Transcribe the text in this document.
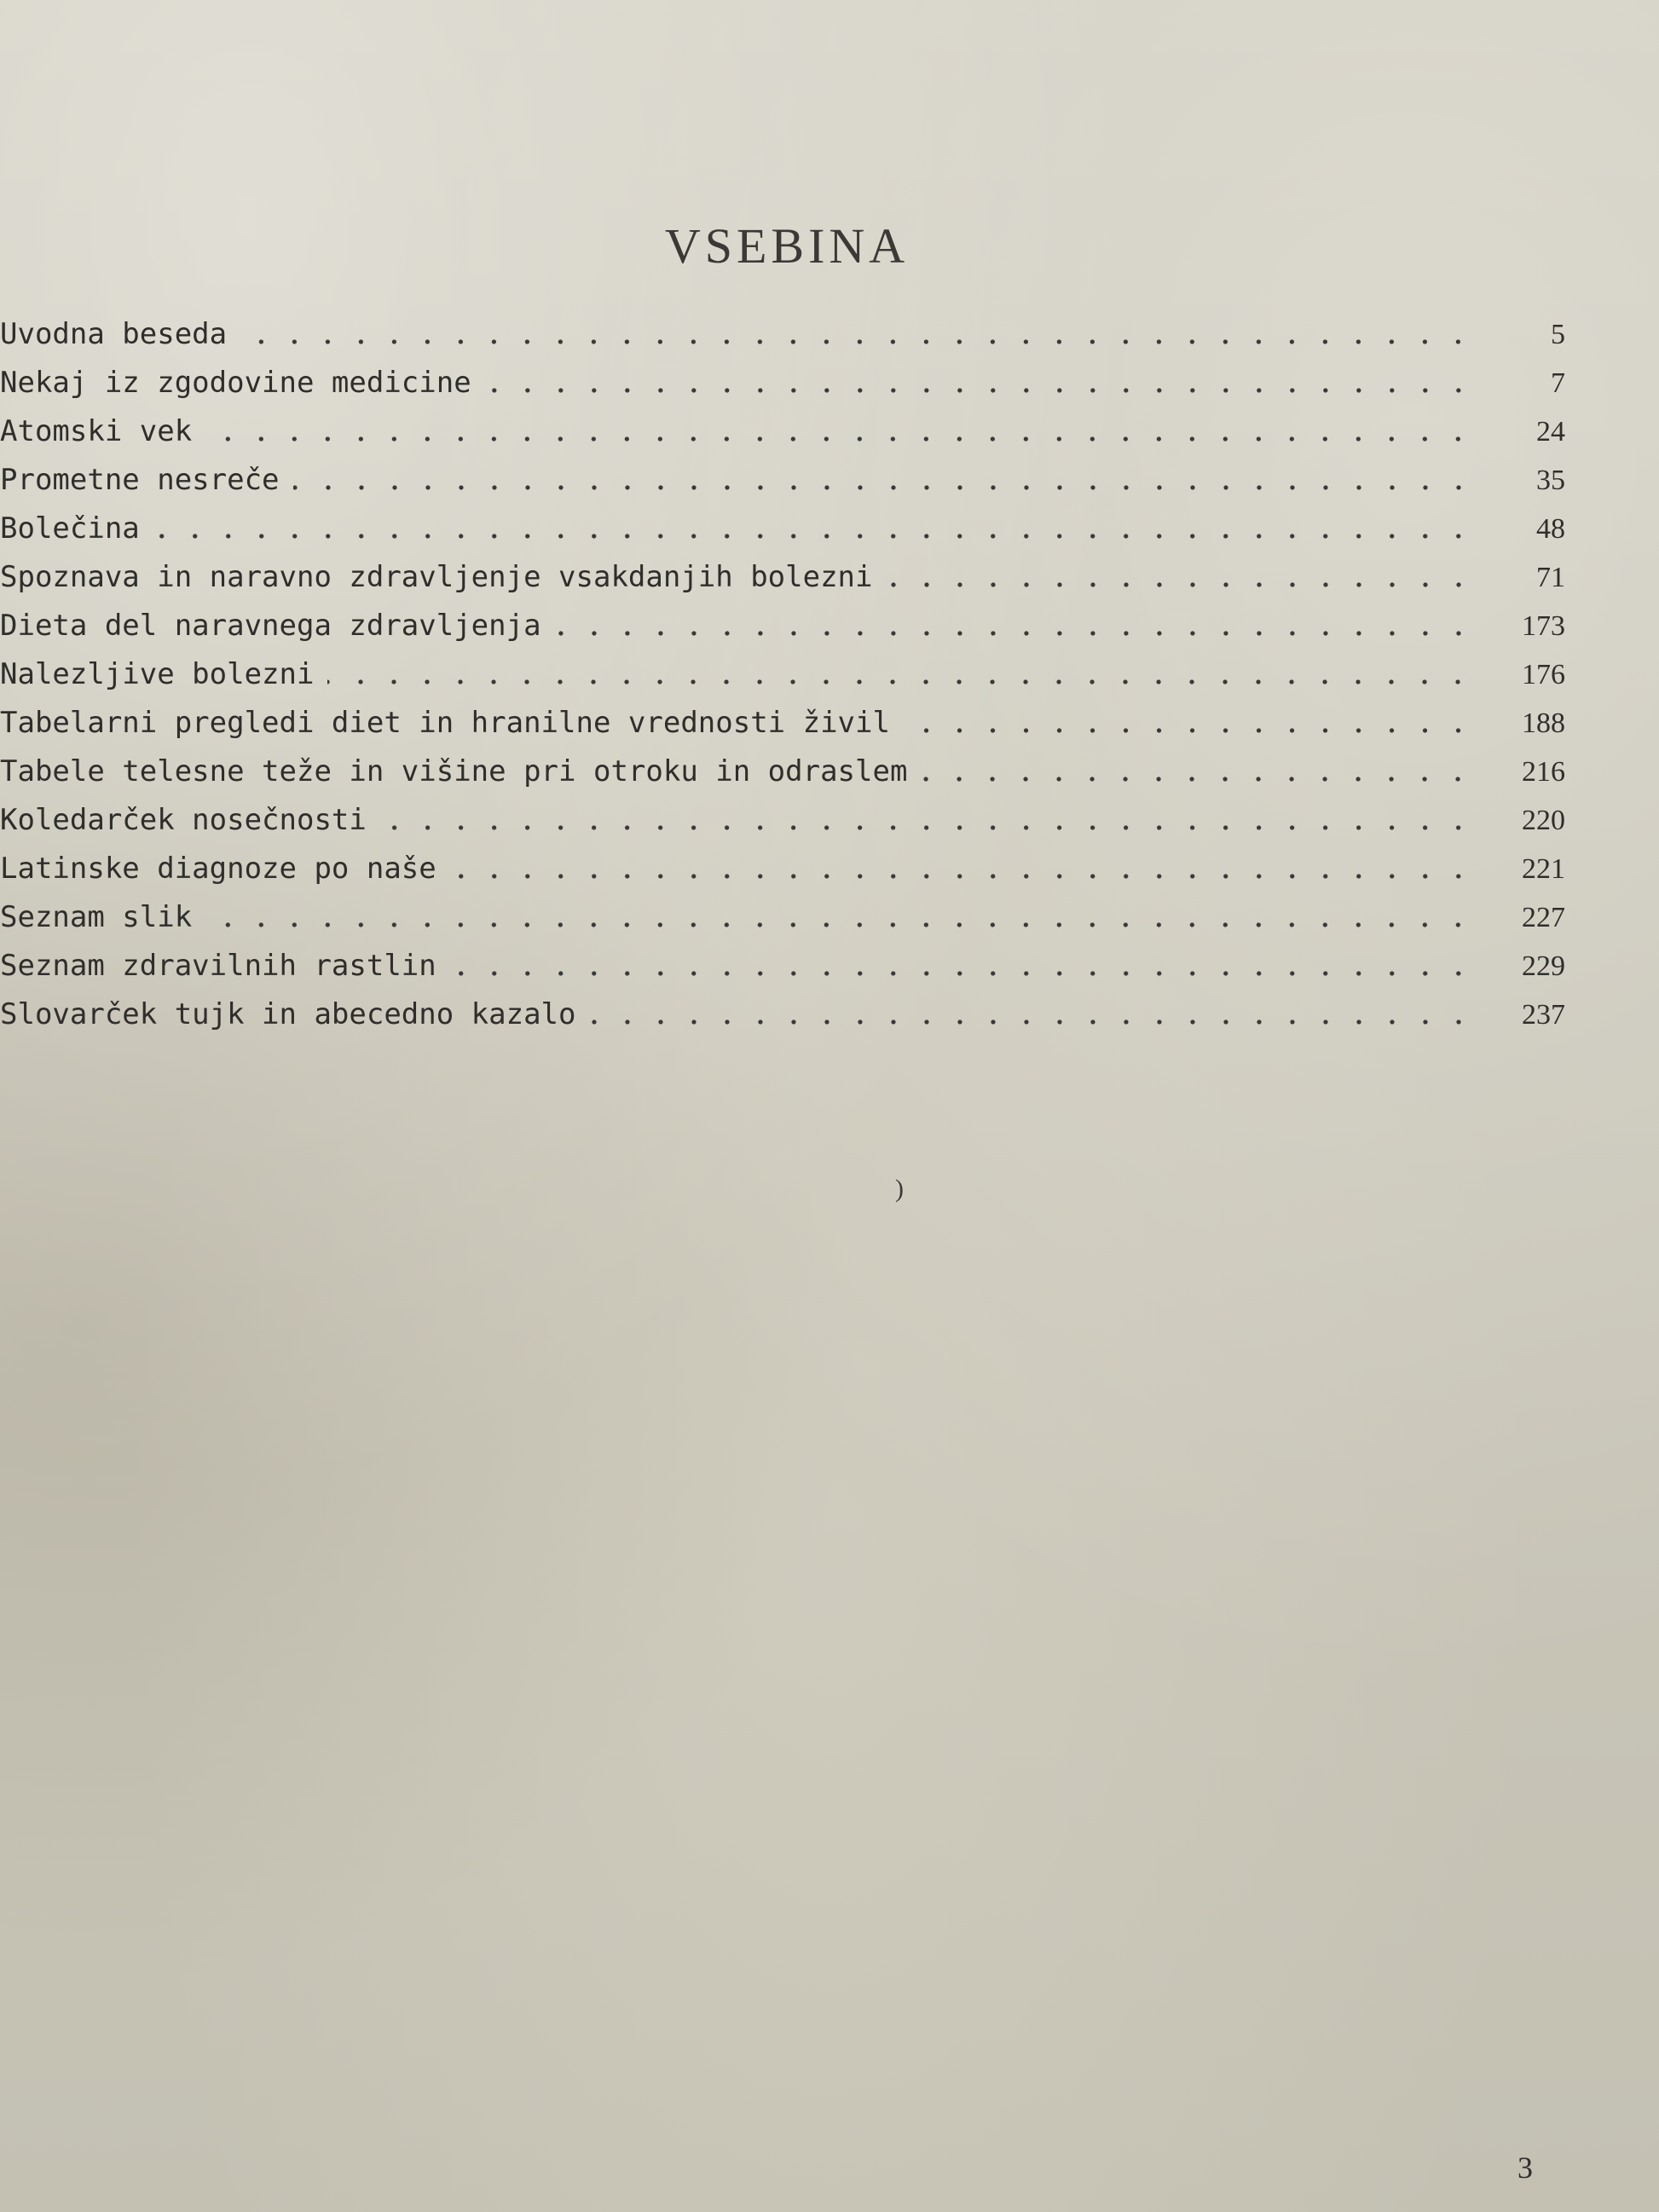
VSEBINA
Uvodna beseda	5
Nekaj iz zgodovine medicine	7
Atomski vek	24
Prometne nesreče	35
Bolečina	48
Spoznava in naravno zdravljenje vsakdanjih bolezni	71
Dieta del naravnega zdravljenja	173
Nalezljive bolezni	176
Tabelarni pregledi diet in hranilne vrednosti živil	188
Tabele telesne teže in višine pri otroku in odraslem	216
Koledarček nosečnosti	220
Latinske diagnoze po naše	221
Seznam slik	227
Seznam zdravilnih rastlin	229
Slovarček tujk in abecedno kazalo	237
)
3
